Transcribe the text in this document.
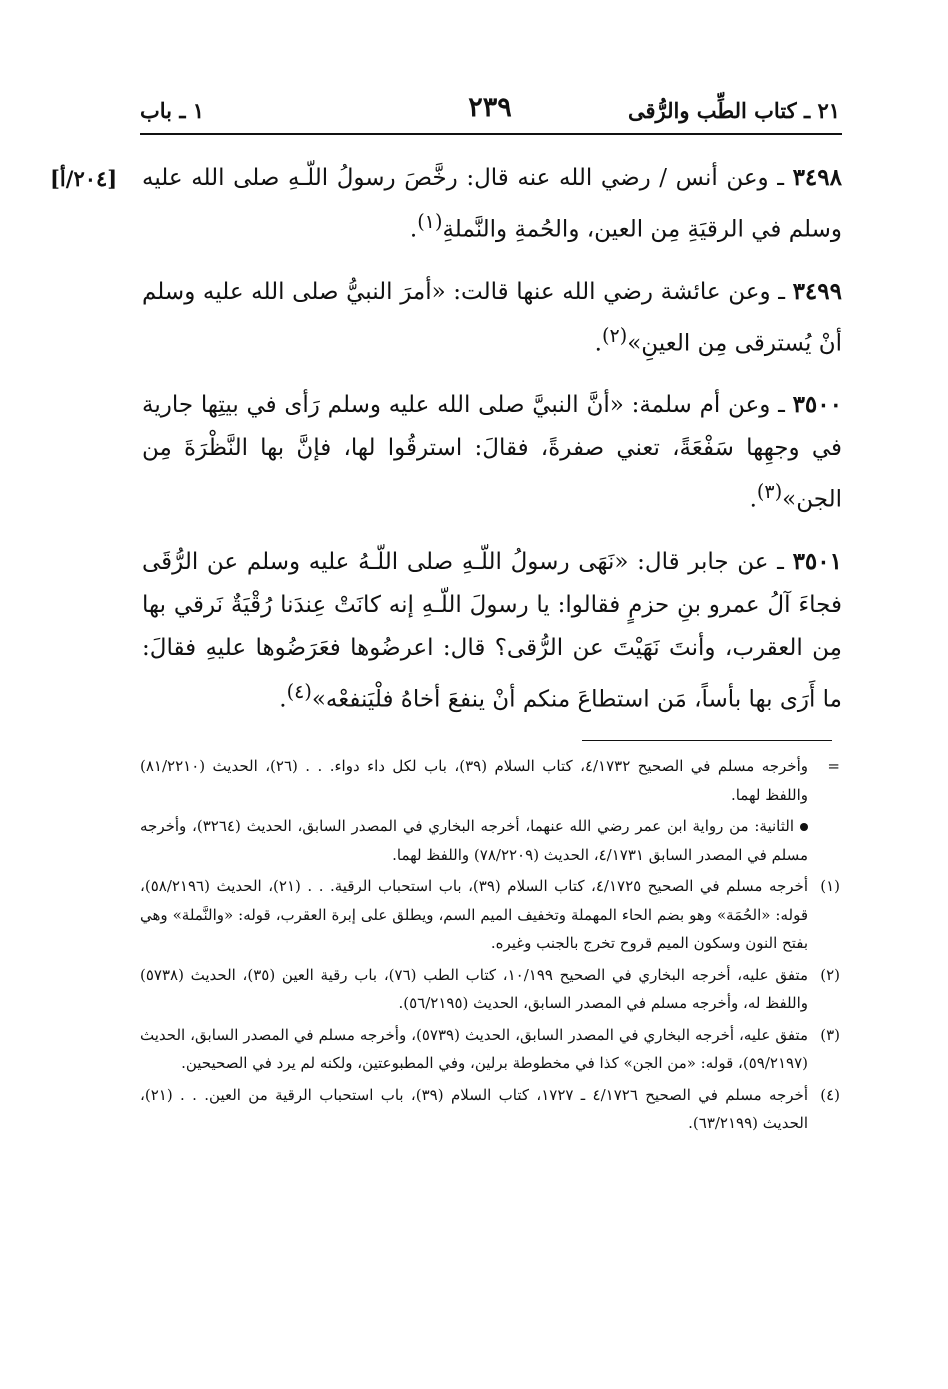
٢١ ـ كتاب الطِّب والرُّقى
٢٣٩
١ ـ باب
[٢٠٤/أ]	٣٤٩٨ ـ وعن أنس / رضي الله عنه قال: رخَّصَ رسولُ اللّـهِ صلى الله عليه وسلم في الرقيَةِ مِن العين، والحُمةِ والنَّملةِ$^{(١)}$.

٣٤٩٩ ـ وعن عائشة رضي الله عنها قالت: «أمرَ النبيُّ صلى الله عليه وسلم أنْ يُسترقى مِن العينِ»$^{(٢)}$.

٣٥٠٠ ـ وعن أم سلمة: «أنَّ النبيَّ صلى الله عليه وسلم رَأى في بيتِها جارية في وجهِها سَفْعَةً، تعني صفرةً، فقالَ: استرقُوا لها، فإنَّ بها النَّظْرَةَ مِن الجن»$^{(٣)}$.

٣٥٠١ ـ عن جابر قال: «نَهَى رسولُ اللّـهِ صلى اللّـهُ عليه وسلم عن الرُّقَى فجاءَ آلُ عمرو بنِ حزمٍ فقالوا: يا رسولَ اللّـهِ إنه كانَتْ عِندَنا رُقْيَةٌ نَرقي بها مِن العقرب، وأنتَ نَهَيْتَ عن الرُّقى؟ قال: اعرضُوها فعَرَضُوها عليهِ فقالَ: ما أَرَى بها بأساً، مَن استطاعَ منكم أنْ ينفعَ أخاهُ فلْيَنفعْه»$^{(٤)}$.

=
وأخرجه مسلم في الصحيح ٤/١٧٣٢، كتاب السلام (٣٩)، باب لكل داء دواء. . . (٢٦)، الحديث (٨١/٢٢١٠) واللفظ لهما.
الثانية: من رواية ابن عمر رضي الله عنهما، أخرجه البخاري في المصدر السابق، الحديث (٣٢٦٤)، وأخرجه مسلم في المصدر السابق ٤/١٧٣١، الحديث (٧٨/٢٢٠٩) واللفظ لهما.
(١)
أخرجه مسلم في الصحيح ٤/١٧٢٥، كتاب السلام (٣٩)، باب استحباب الرقية. . . (٢١)، الحديث (٥٨/٢١٩٦)، قوله: «الحُمَة» وهو بضم الحاء المهملة وتخفيف الميم السم، ويطلق على إبرة العقرب، قوله: «والنَّملة» وهي بفتح النون وسكون الميم قروح تخرج بالجنب وغيره.
(٢)
متفق عليه، أخرجه البخاري في الصحيح ١٠/١٩٩، كتاب الطب (٧٦)، باب رقية العين (٣٥)، الحديث (٥٧٣٨) واللفظ له، وأخرجه مسلم في المصدر السابق، الحديث (٥٦/٢١٩٥).
(٣)
متفق عليه، أخرجه البخاري في المصدر السابق، الحديث (٥٧٣٩)، وأخرجه مسلم في المصدر السابق، الحديث (٥٩/٢١٩٧)، قوله: «من الجن» كذا في مخطوطة برلين، وفي المطبوعتين، ولكنه لم يرد في الصحيحين.
(٤)
أخرجه مسلم في الصحيح ٤/١٧٢٦ ـ ١٧٢٧، كتاب السلام (٣٩)، باب استحباب الرقية من العين. . . (٢١)، الحديث (٦٣/٢١٩٩).
